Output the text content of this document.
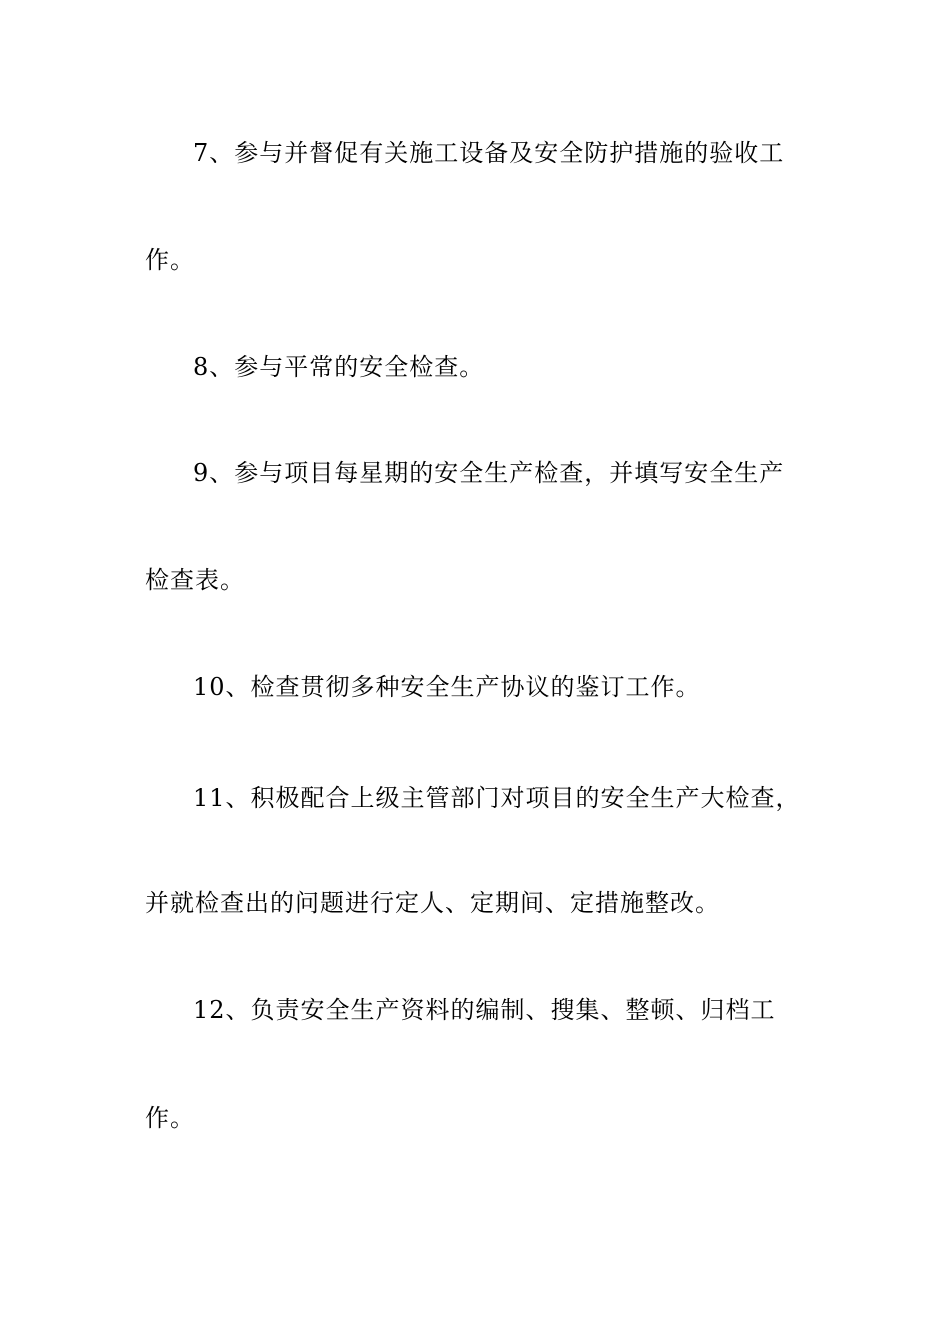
7、参与并督促有关施工设备及安全防护措施的验收工
作。
8、参与平常的安全检查。
9、参与项目每星期的安全生产检查，并填写安全生产
检查表。
10、检查贯彻多种安全生产协议的鉴订工作。
11、积极配合上级主管部门对项目的安全生产大检查，
并就检查出的问题进行定人、定期间、定措施整改。
12、负责安全生产资料的编制、搜集、整顿、归档工
作。
